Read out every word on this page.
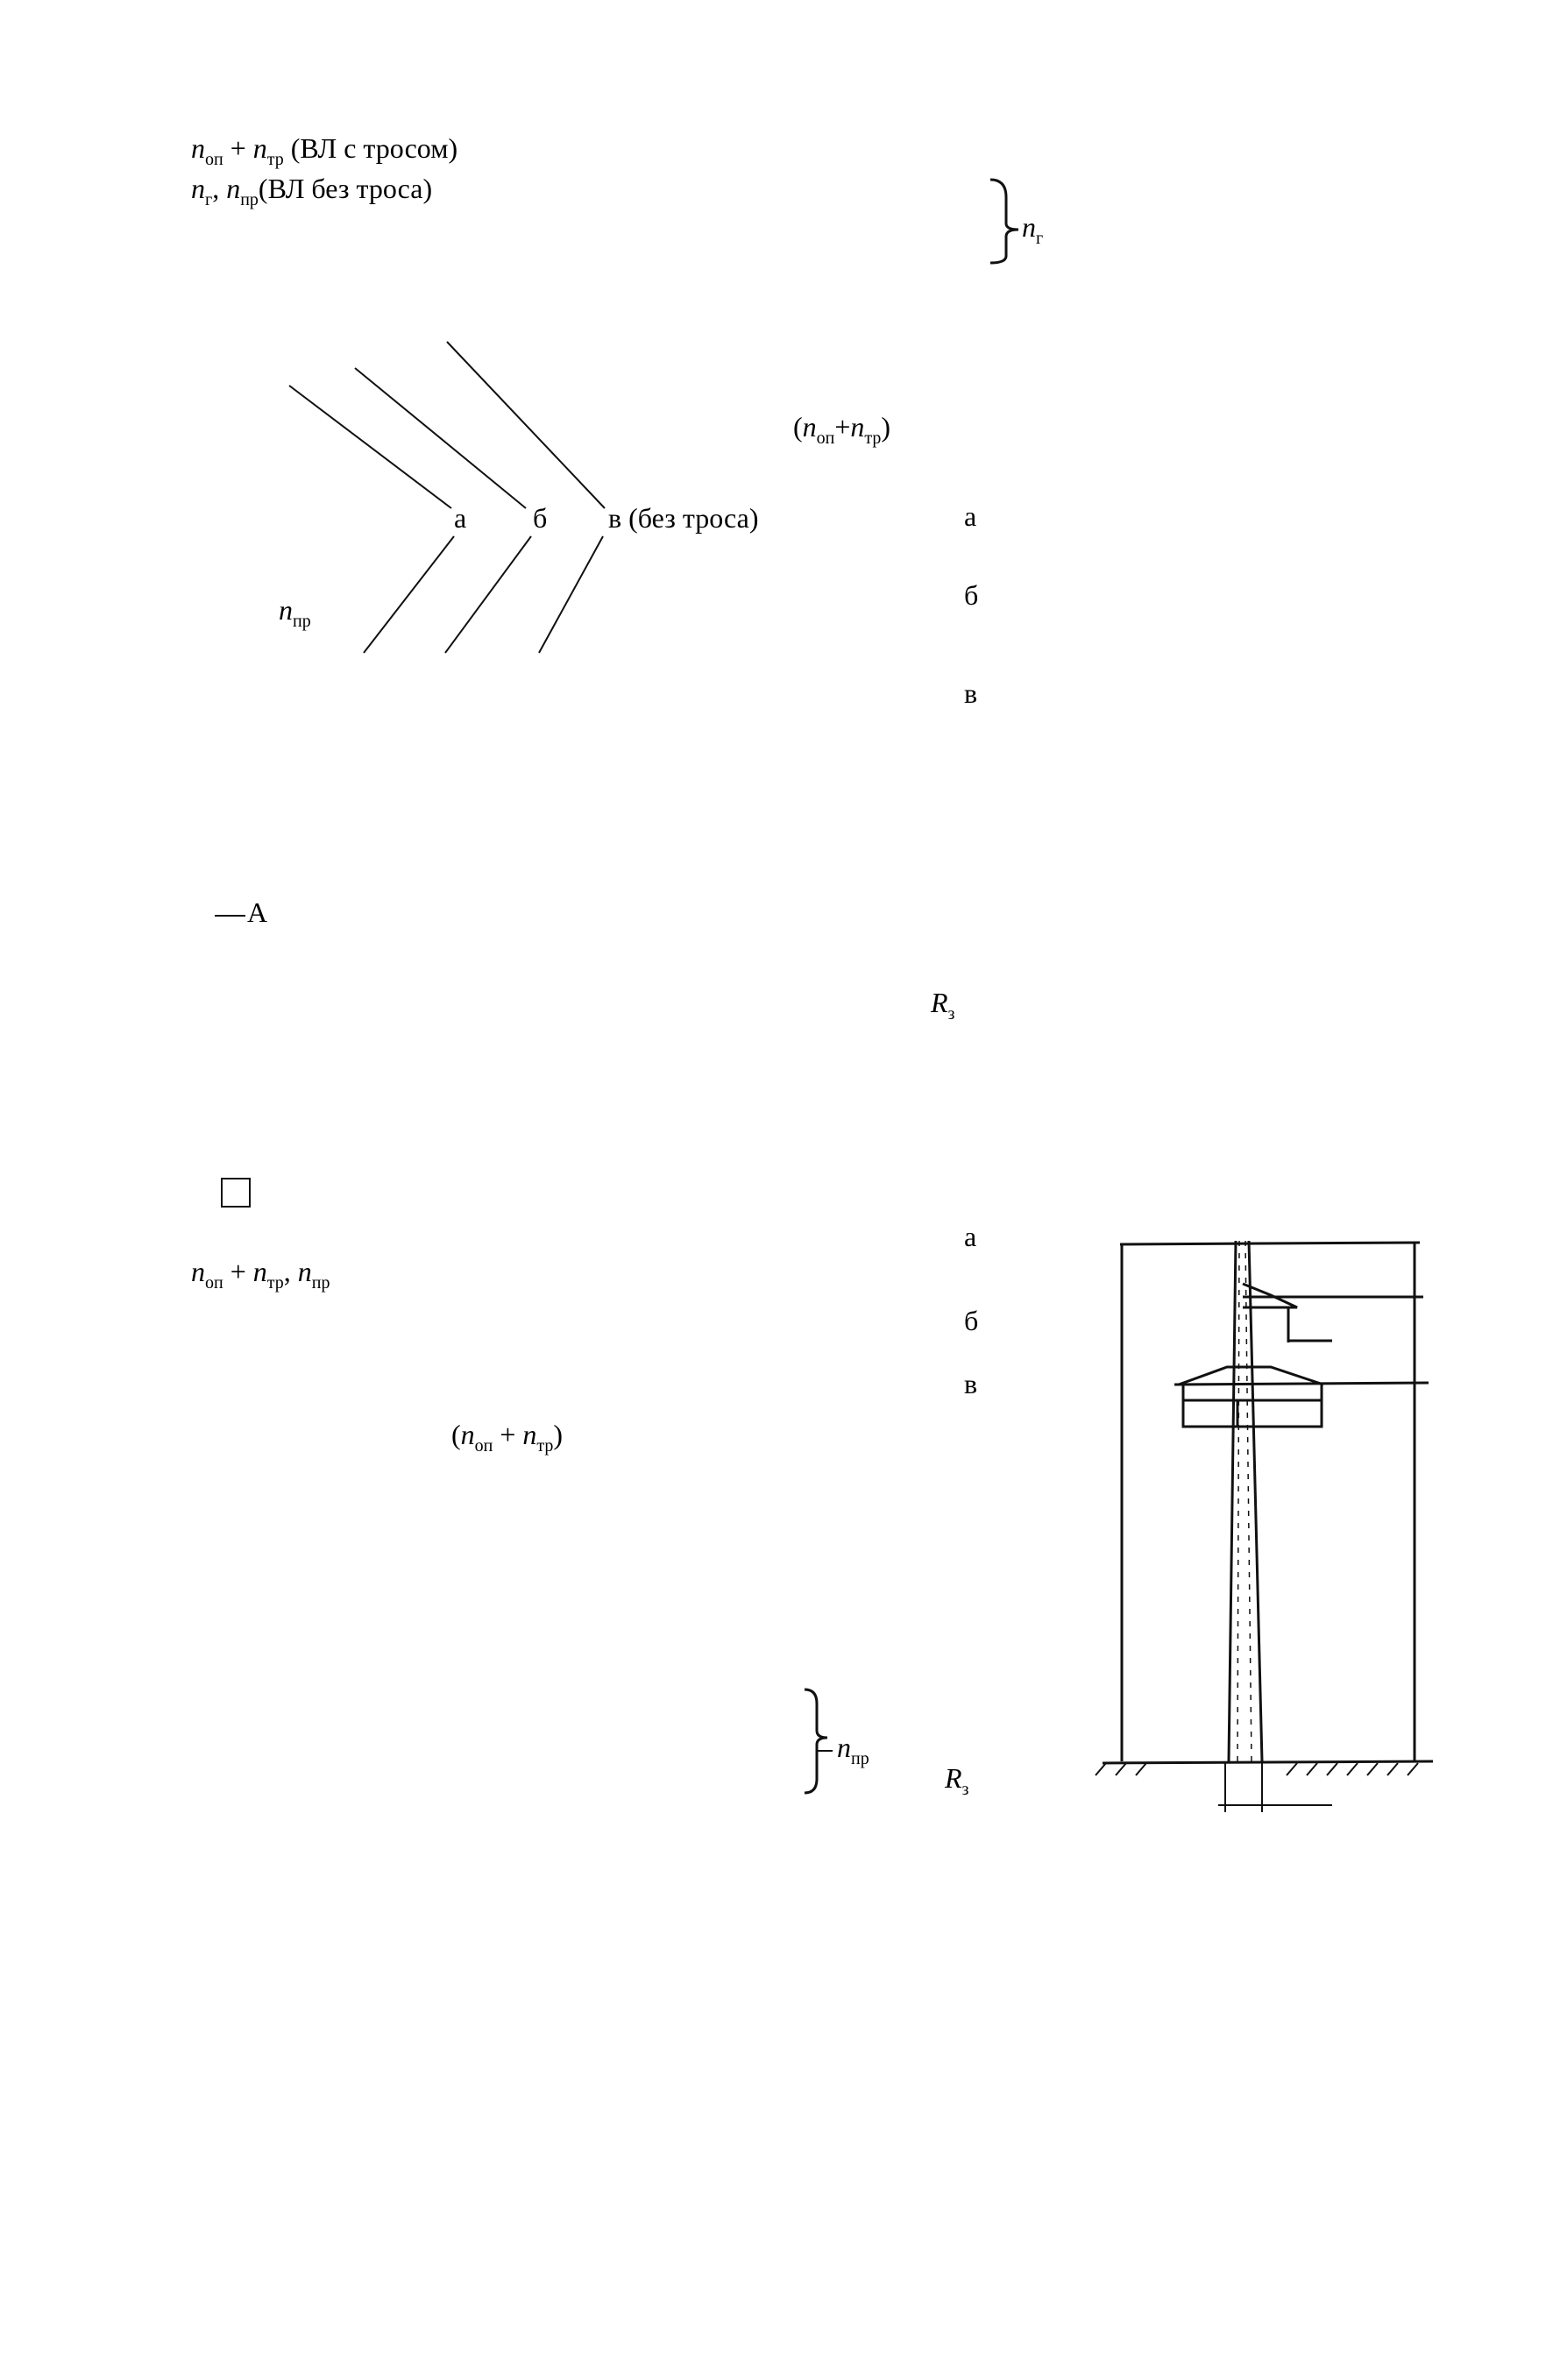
$n_{оп} + n_{тр}$ (ВЛ с тросом)
$n_г$, $n_{пр}(ВЛ$ без троса)
$n_г$
$(n_{оп}+n_{тр})$
а б в (без троса)
$n_{пр}$
а
б
в
A
$R_з$
$n_{оп} + n_{тр}$, $n_{пр}$
$(n_{оп} + n_{тр})$
а
б
в
$n_{пр}$
$R_з$
